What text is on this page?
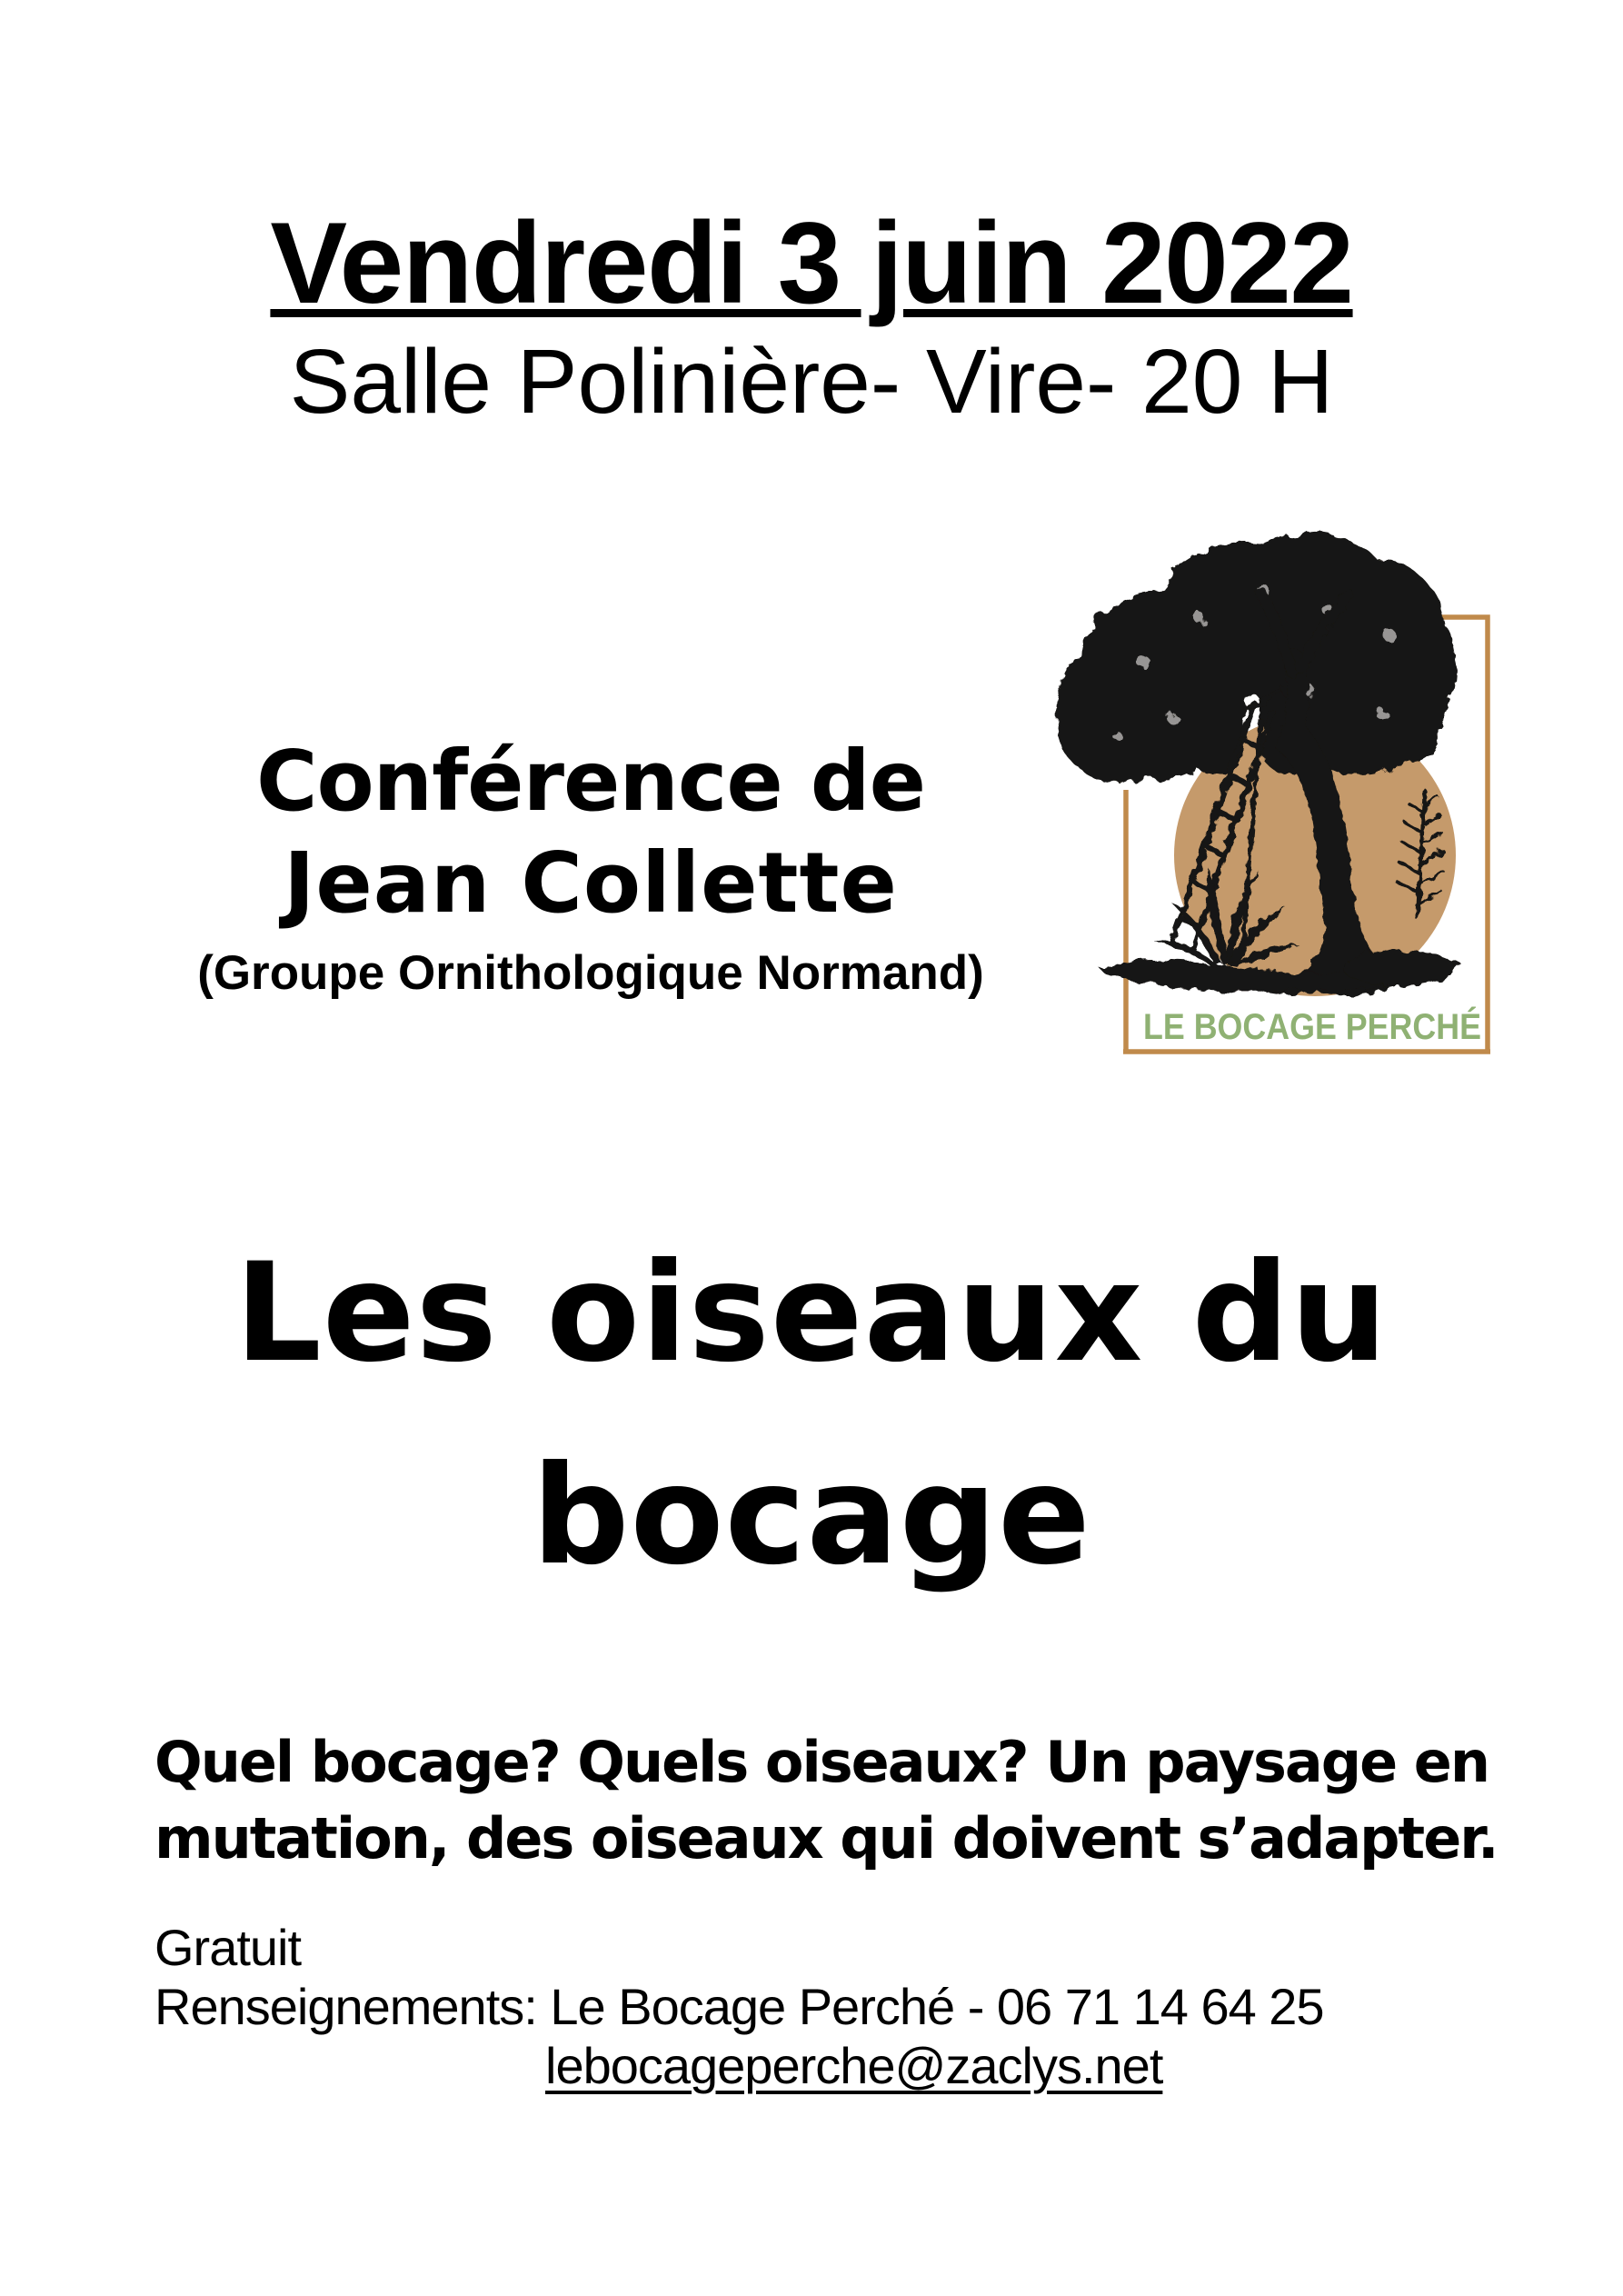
Vendredi 3 juin 2022
Salle Polinière- Vire- 20 H
Conférence de
Jean Collette
(Groupe Ornithologique Normand)
LE BOCAGE PERCHÉ
Les oiseaux du
bocage
Quel bocage? Quels oiseaux? Un paysage en
mutation, des oiseaux qui doivent s’adapter.
Gratuit
Renseignements: Le Bocage Perché - 06 71 14 64 25
lebocageperche@zaclys.net
